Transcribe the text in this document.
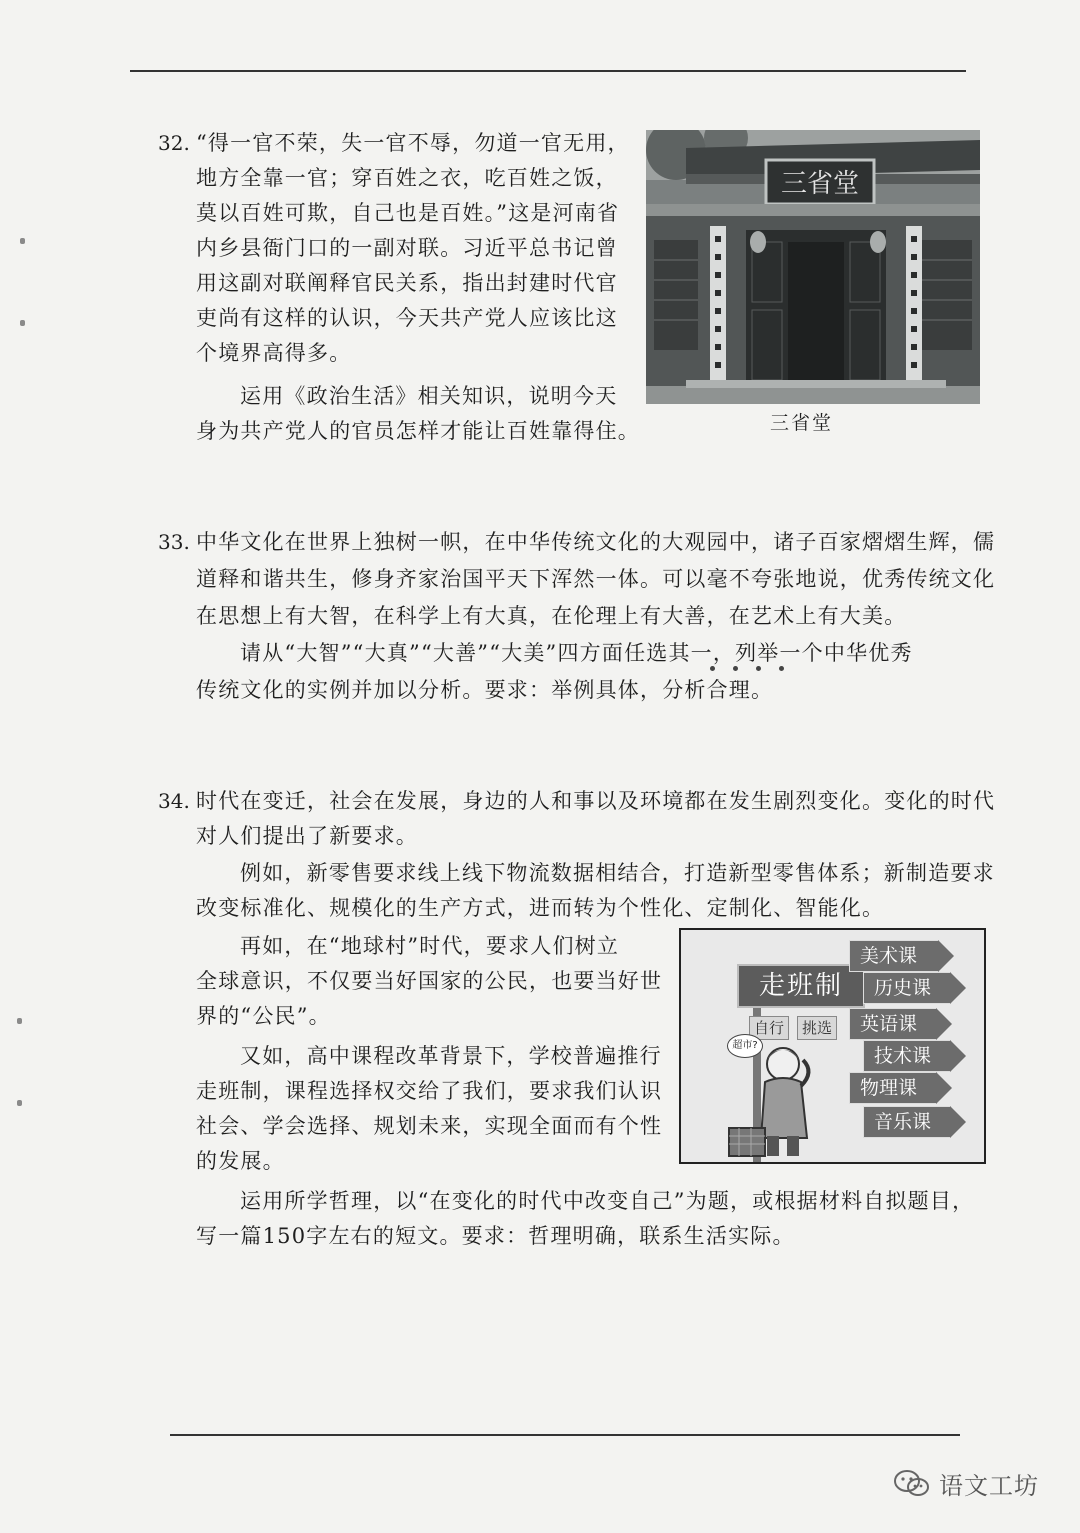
32. “得一官不荣，失一官不辱，勿道一官无用，
地方全靠一官；穿百姓之衣，吃百姓之饭，
莫以百姓可欺，自己也是百姓。”这是河南省
内乡县衙门口的一副对联。习近平总书记曾
用这副对联阐释官民关系，指出封建时代官
吏尚有这样的认识，今天共产党人应该比这
个境界高得多。
运用《政治生活》相关知识，说明今天
身为共产党人的官员怎样才能让百姓靠得住。
三省堂
三省堂
33. 中华文化在世界上独树一帜，在中华传统文化的大观园中，诸子百家熠熠生辉，儒
道释和谐共生，修身齐家治国平天下浑然一体。可以毫不夸张地说，优秀传统文化
在思想上有大智，在科学上有大真，在伦理上有大善，在艺术上有大美。
请从“大智”“大真”“大善”“大美”四方面任选其一，列举一个中华优秀
传统文化的实例并加以分析。要求：举例具体，分析合理。
34. 时代在变迁，社会在发展，身边的人和事以及环境都在发生剧烈变化。变化的时代
对人们提出了新要求。
例如，新零售要求线上线下物流数据相结合，打造新型零售体系；新制造要求
改变标准化、规模化的生产方式，进而转为个性化、定制化、智能化。
再如，在“地球村”时代，要求人们树立
全球意识，不仅要当好国家的公民，也要当好世
界的“公民”。
又如，高中课程改革背景下，学校普遍推行
走班制，课程选择权交给了我们，要求我们认识
社会、学会选择、规划未来，实现全面而有个性
的发展。
运用所学哲理，以“在变化的时代中改变自己”为题，或根据材料自拟题目，
写一篇150字左右的短文。要求：哲理明确，联系生活实际。
走班制
自行	挑选
美术课
历史课
英语课
技术课
物理课
音乐课
超市?
语文工坊
